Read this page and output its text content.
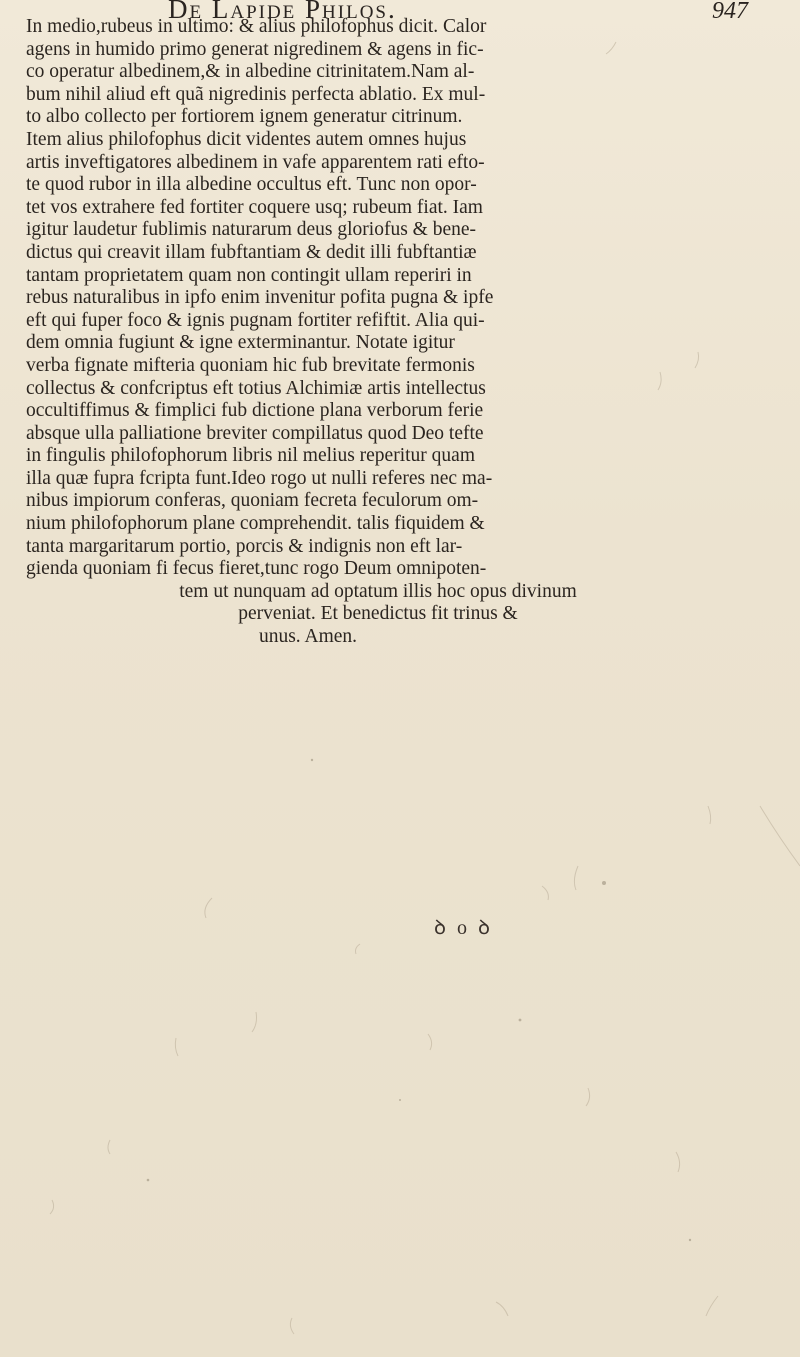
De Lapide Philos.	947
In medio,rubeus in ultimo: & alius philofophus dicit. Calor
agens in humido primo generat nigredinem & agens in fic-
co operatur albedinem,& in albedine citrinitatem.Nam al-
bum nihil aliud eft quã nigredinis perfecta ablatio. Ex mul-
to albo collecto per fortiorem ignem generatur citrinum.
Item alius philofophus dicit videntes autem omnes hujus
artis inveftigatores albedinem in vafe apparentem rati efto-
te quod rubor in illa albedine occultus eft. Tunc non opor-
tet vos extrahere fed fortiter coquere usq; rubeum fiat. Iam
igitur laudetur fublimis naturarum deus gloriofus & bene-
dictus qui creavit illam fubftantiam & dedit illi fubftantiæ
tantam proprietatem quam non contingit ullam reperiri in
rebus naturalibus in ipfo enim invenitur pofita pugna & ipfe
eft qui fuper foco & ignis pugnam fortiter refiftit. Alia qui-
dem omnia fugiunt & igne exterminantur. Notate igitur
verba fignate mifteria quoniam hic fub brevitate fermonis
collectus & confcriptus eft totius Alchimiæ artis intellectus
occultiffimus & fimplici fub dictione plana verborum ferie
absque ulla palliatione breviter compillatus quod Deo tefte
in fingulis philofophorum libris nil melius reperitur quam
illa quæ fupra fcripta funt.Ideo rogo ut nulli referes nec ma-
nibus impiorum conferas, quoniam fecreta feculorum om-
nium philofophorum plane comprehendit. talis fiquidem &
tanta margaritarum portio, porcis & indignis non eft lar-
gienda quoniam fi fecus fieret,tunc rogo Deum omnipoten-
tem ut nunquam ad optatum illis hoc opus divinum
perveniat. Et benedictus fit trinus &
unus. Amen.
ꝺ o ꝺ
